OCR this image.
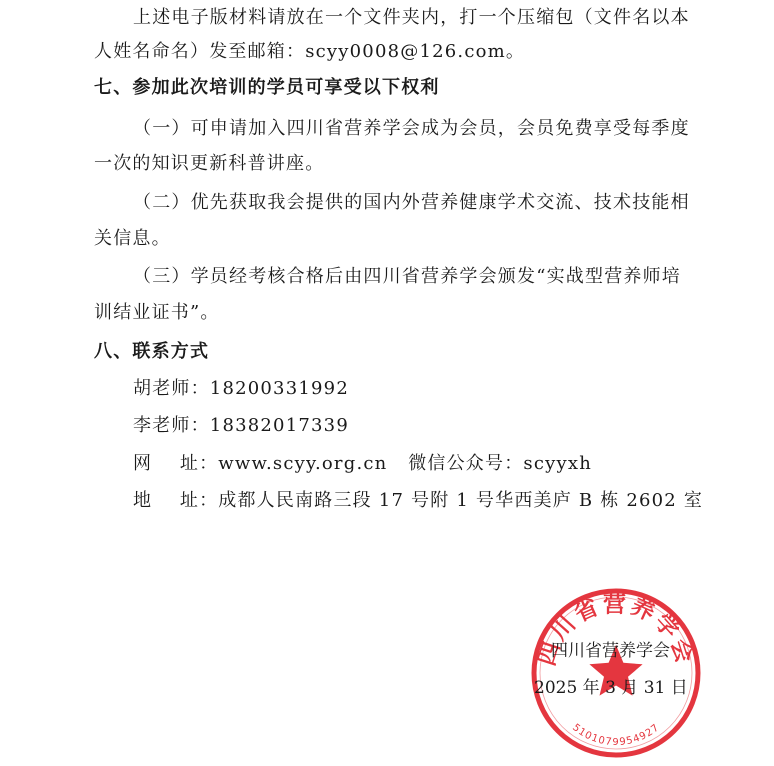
上述电子版材料请放在一个文件夹内，打一个压缩包（文件名以本
人姓名命名）发至邮箱：scyy0008@126.com。
七、参加此次培训的学员可享受以下权利
（一）可申请加入四川省营养学会成为会员，会员免费享受每季度
一次的知识更新科普讲座。
（二）优先获取我会提供的国内外营养健康学术交流、技术技能相
关信息。
（三）学员经考核合格后由四川省营养学会颁发“实战型营养师培
训结业证书”。
八、联系方式
胡老师：18200331992
李老师：18382017339
网    址：www.scyy.org.cn   微信公众号：scyyxh
地    址：成都人民南路三段 17 号附 1 号华西美庐 B 栋 2602 室
四川省营养学会
5101079954927
四川省营养学会
2025 年 3 月 31 日
